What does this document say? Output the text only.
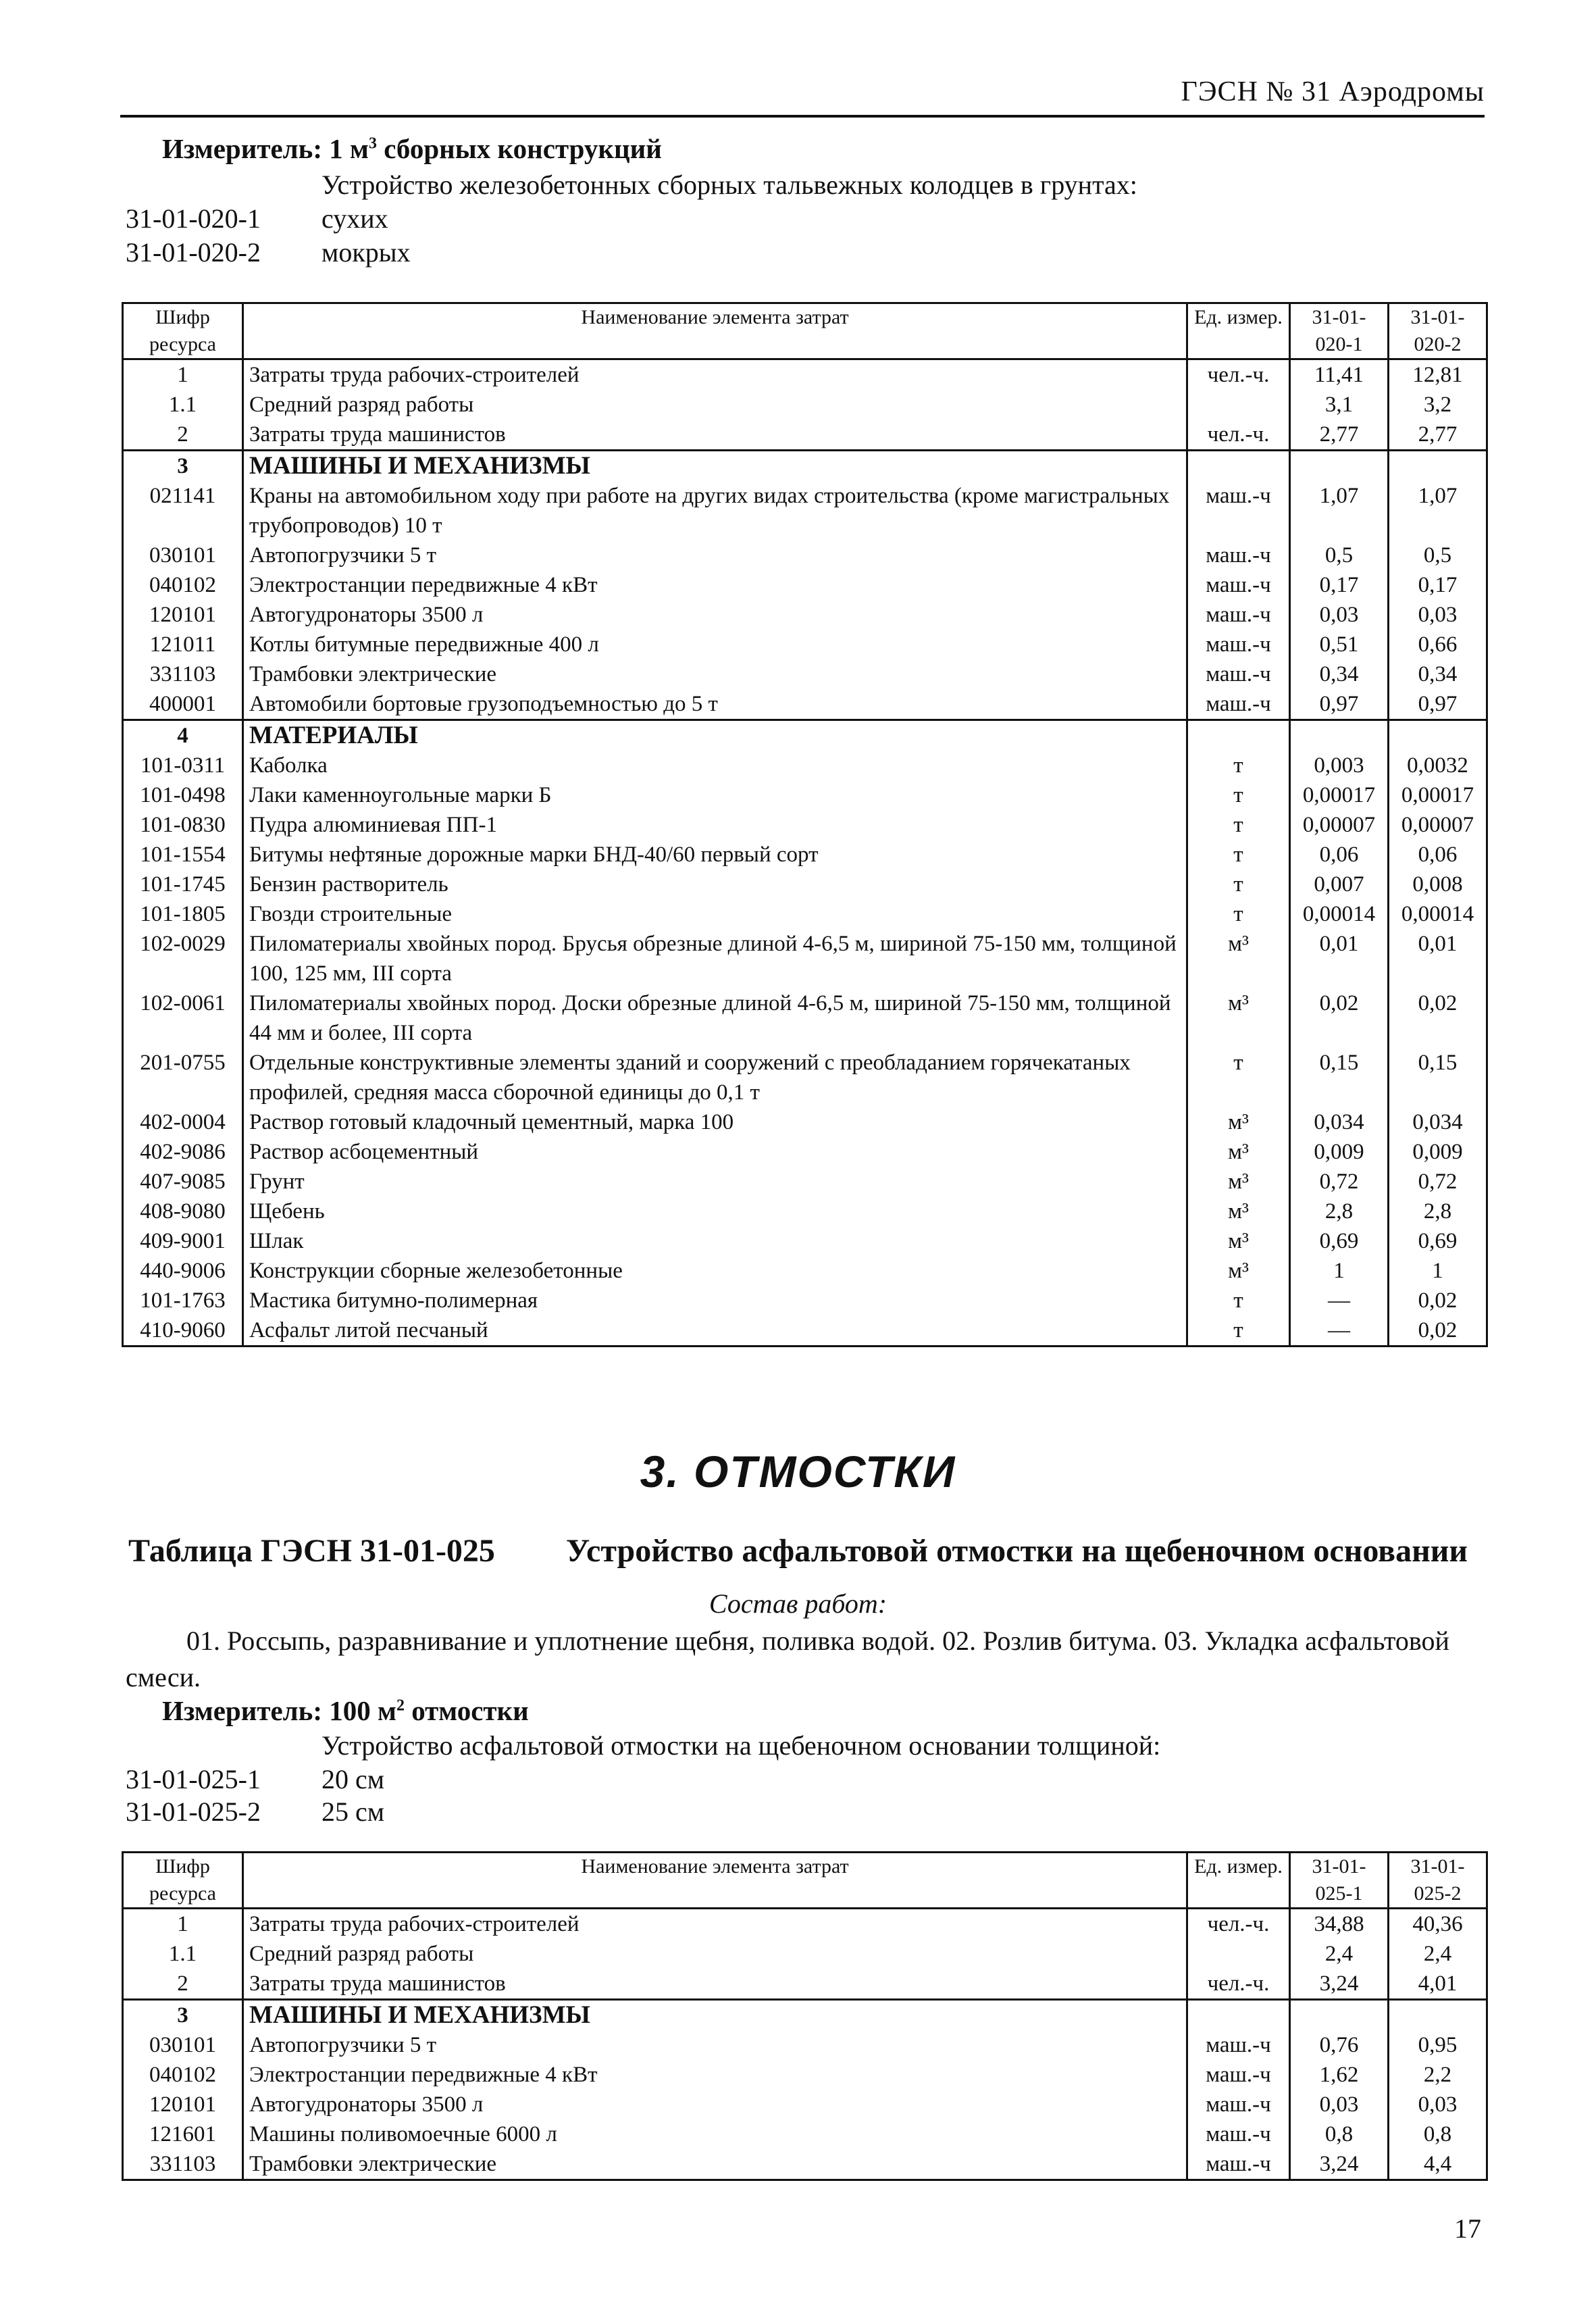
ГЭСН № 31 Аэродромы
Измеритель: 1 $м^3$ сборных конструкций
Устройство железобетонных сборных тальвежных колодцев в грунтах:
31-01-020-1 сухих
31-01-020-2 мокрых
Шифр ресурса	Наименование элемента затрат	Ед. измер.	31-01-020-1	31-01-020-2
1	Затраты труда рабочих-строителей	чел.-ч.	11,41	12,81
1.1	Средний разряд работы		3,1	3,2
2	Затраты труда машинистов	чел.-ч.	2,77	2,77
3	МАШИНЫ И МЕХАНИЗМЫ			
021141	Краны на автомобильном ходу при работе на других видах строительства (кроме магистральных трубопроводов) 10 т	маш.-ч	1,07	1,07
030101	Автопогрузчики 5 т	маш.-ч	0,5	0,5
040102	Электростанции передвижные 4 кВт	маш.-ч	0,17	0,17
120101	Автогудронаторы 3500 л	маш.-ч	0,03	0,03
121011	Котлы битумные передвижные 400 л	маш.-ч	0,51	0,66
331103	Трамбовки электрические	маш.-ч	0,34	0,34
400001	Автомобили бортовые грузоподъемностью до 5 т	маш.-ч	0,97	0,97
4	МАТЕРИАЛЫ			
101-0311	Каболка	т	0,003	0,0032
101-0498	Лаки каменноугольные марки Б	т	0,00017	0,00017
101-0830	Пудра алюминиевая ПП-1	т	0,00007	0,00007
101-1554	Битумы нефтяные дорожные марки БНД-40/60 первый сорт	т	0,06	0,06
101-1745	Бензин растворитель	т	0,007	0,008
101-1805	Гвозди строительные	т	0,00014	0,00014
102-0029	Пиломатериалы хвойных пород. Брусья обрезные длиной 4-6,5 м, шириной 75-150 мм, толщиной 100, 125 мм, III сорта	м³	0,01	0,01
102-0061	Пиломатериалы хвойных пород. Доски обрезные длиной 4-6,5 м, шириной 75-150 мм, толщиной 44 мм и более, III сорта	м³	0,02	0,02
201-0755	Отдельные конструктивные элементы зданий и сооружений с преобладанием горячекатаных профилей, средняя масса сборочной единицы до 0,1 т	т	0,15	0,15
402-0004	Раствор готовый кладочный цементный, марка 100	м³	0,034	0,034
402-9086	Раствор асбоцементный	м³	0,009	0,009
407-9085	Грунт	м³	0,72	0,72
408-9080	Щебень	м³	2,8	2,8
409-9001	Шлак	м³	0,69	0,69
440-9006	Конструкции сборные железобетонные	м³	1	1
101-1763	Мастика битумно-полимерная	т	—	0,02
410-9060	Асфальт литой песчаный	т	—	0,02
3. ОТМОСТКИ
Таблица ГЭСН 31-01-025 Устройство асфальтовой отмостки на щебеночном основании
Состав работ:
01. Россыпь, разравнивание и уплотнение щебня, поливка водой. 02. Розлив битума. 03. Укладка асфальтовой смеси.
Измеритель: 100 $м^2$ отмостки
Устройство асфальтовой отмостки на щебеночном основании толщиной:
31-01-025-1 20 см
31-01-025-2 25 см
Шифр ресурса	Наименование элемента затрат	Ед. измер.	31-01-025-1	31-01-025-2
1	Затраты труда рабочих-строителей	чел.-ч.	34,88	40,36
1.1	Средний разряд работы		2,4	2,4
2	Затраты труда машинистов	чел.-ч.	3,24	4,01
3	МАШИНЫ И МЕХАНИЗМЫ			
030101	Автопогрузчики 5 т	маш.-ч	0,76	0,95
040102	Электростанции передвижные 4 кВт	маш.-ч	1,62	2,2
120101	Автогудронаторы 3500 л	маш.-ч	0,03	0,03
121601	Машины поливомоечные 6000 л	маш.-ч	0,8	0,8
331103	Трамбовки электрические	маш.-ч	3,24	4,4
17
